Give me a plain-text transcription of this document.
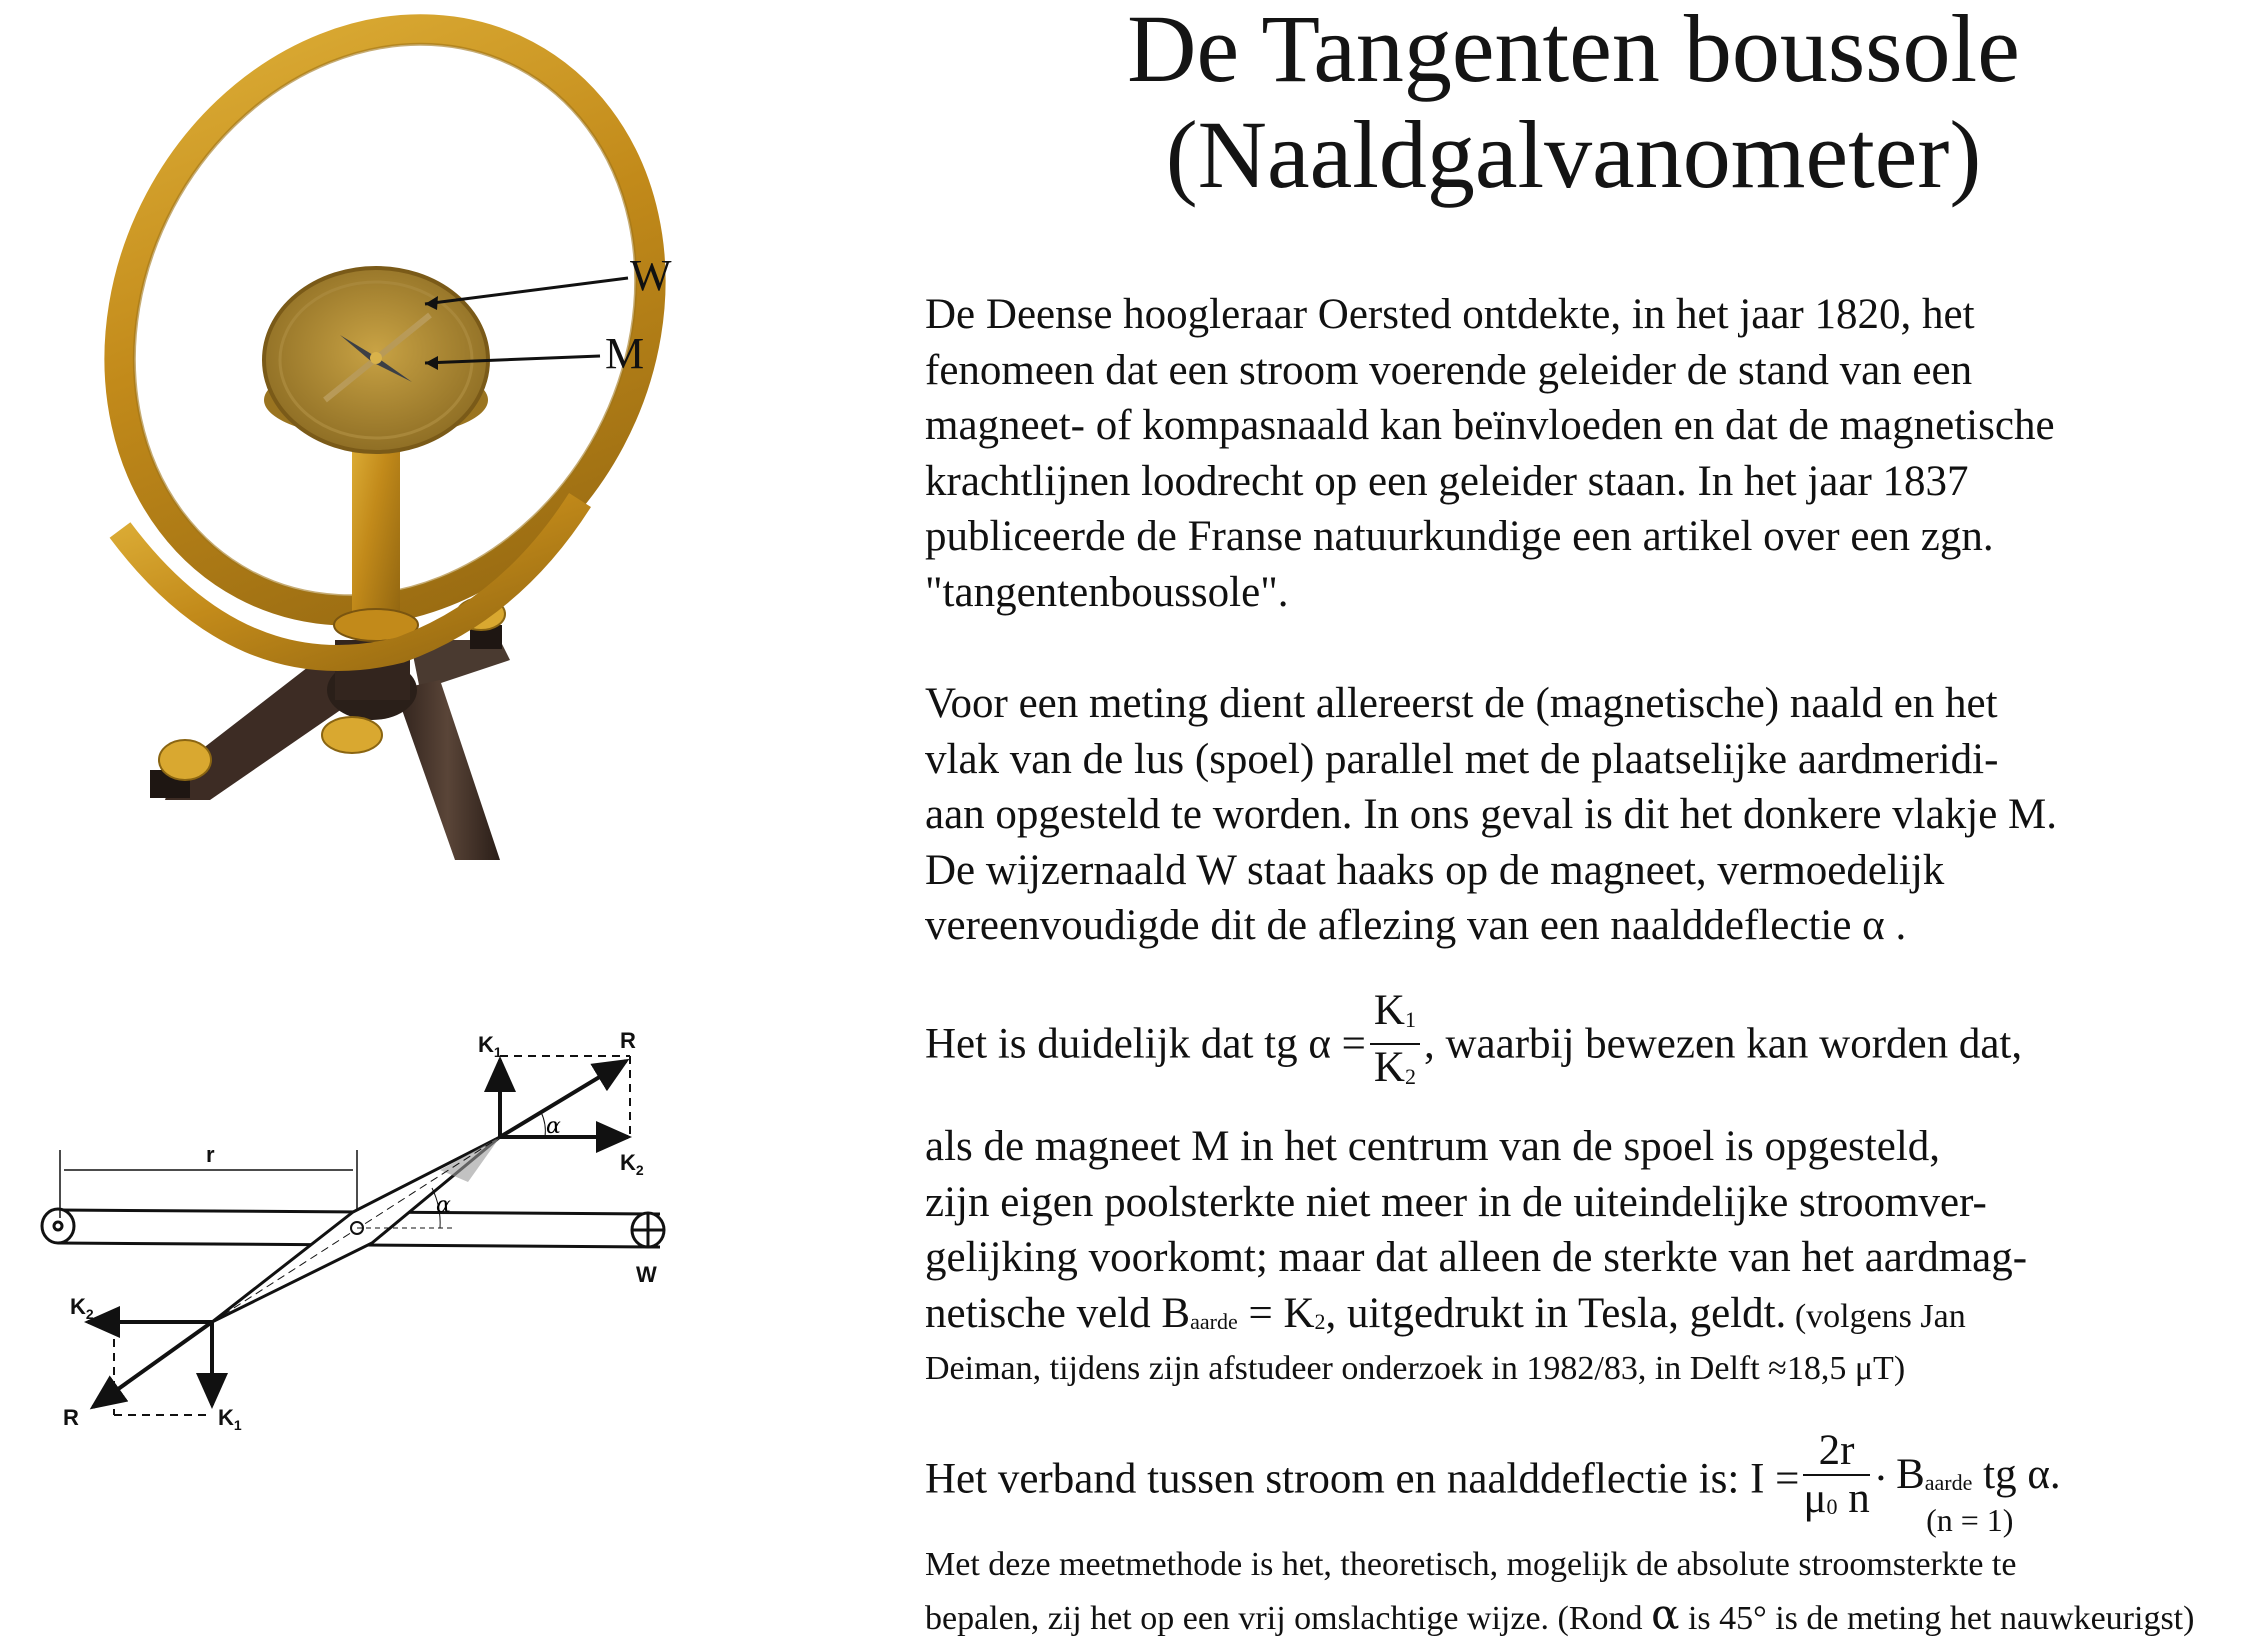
De Tangenten boussole
(Naaldgalvanometer)
W
M
$K_1$	R
$K_2$
α
α
r
W
$K_2$
R	$K_1$
De Deense hoogleraar Oersted ontdekte, in het jaar 1820, het
fenomeen dat een stroom voerende geleider de stand van een
magneet- of kompasnaald kan beïnvloeden en dat de magnetische
krachtlijnen loodrecht op een geleider staan. In het jaar 1837
publiceerde de Franse natuurkundige een artikel over een zgn.
"tangentenboussole".
Voor een meting dient allereerst de (magnetische) naald en het
vlak van de lus (spoel) parallel met de plaatselijke aardmeridi-
aan opgesteld te worden. In ons geval is dit het donkere vlakje M.
De wijzernaald W staat haaks op de magneet, vermoedelijk
vereenvoudigde dit de aflezing van een naalddeflectie α .
Het is duidelijk dat tg $\alpha = \frac{K1}{K2}$ , waarbij bewezen kan worden dat,
als de magneet M in het centrum van de spoel is opgesteld,
zijn eigen poolsterkte niet meer in de uiteindelijke stroomver-
gelijking voorkomt; maar dat alleen de sterkte van het aardmag-
netische veld Baarde = K2, uitgedrukt in Tesla, geldt. (volgens Jan
Deiman, tijdens zijn afstudeer onderzoek in 1982/83, in Delft ≈18,5 μT)
Het verband tussen stroom en naalddeflectie is: $I = \frac{2r}{\mu 0 n}$ · Baarde tg α.
(n = 1)
Met deze meetmethode is het, theoretisch, mogelijk de absolute stroomsterkte te
bepalen, zij het op een vrij omslachtige wijze. (Rond α is 45° is de meting het nauwkeurigst)
